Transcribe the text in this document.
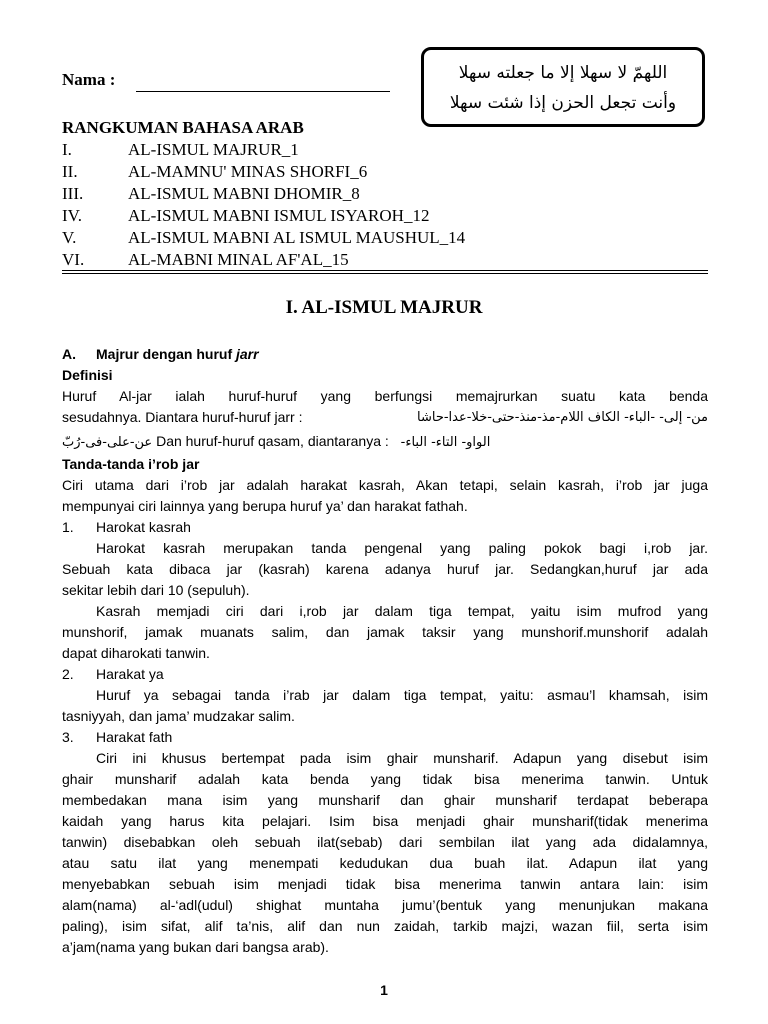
Nama :	اللهمّ لا سهلا إلا ما جعلته سهلا
وأنت تجعل الحزن إذا شئت سهلا
RANGKUMAN BAHASA ARAB
I.	AL-ISMUL MAJRUR_1
II.	AL-MAMNU' MINAS SHORFI_6
III.	AL-ISMUL MABNI DHOMIR_8
IV.	AL-ISMUL MABNI ISMUL ISYAROH_12
V.	AL-ISMUL MABNI AL ISMUL MAUSHUL_14
VI.	AL-MABNI MINAL AF'AL_15
I. AL-ISMUL MAJRUR
A. Majrur dengan huruf jarr
Definisi
Huruf Al-jar ialah huruf-huruf yang berfungsi memajrurkan suatu kata benda
sesudahnya. Diantara huruf-huruf jarr :	من- إلى- -الباء- الكاف اللام-مذ-منذ-حتى-خلا-عدا-حاشا
عن-على-فى-رُبّ Dan huruf-huruf qasam, diantaranya : الواو- التاء- الباء-
Tanda-tanda i’rob jar
Ciri utama dari i’rob jar adalah harakat kasrah, Akan tetapi, selain kasrah, i’rob jar juga
mempunyai ciri lainnya yang berupa huruf ya’ dan harakat fathah.
1. Harokat kasrah
Harokat kasrah merupakan tanda pengenal yang paling pokok bagi i,rob jar.
Sebuah kata dibaca jar (kasrah) karena adanya huruf jar. Sedangkan,huruf jar ada
sekitar lebih dari 10 (sepuluh).
Kasrah memjadi ciri dari i,rob jar dalam tiga tempat, yaitu isim mufrod yang
munshorif, jamak muanats salim, dan jamak taksir yang munshorif.munshorif adalah
dapat diharokati tanwin.
2. Harakat ya
Huruf ya sebagai tanda i’rab jar dalam tiga tempat, yaitu: asmau’l khamsah, isim
tasniyyah, dan jama’ mudzakar salim.
3. Harakat fath
Ciri ini khusus bertempat pada isim ghair munsharif. Adapun yang disebut isim
ghair munsharif adalah kata benda yang tidak bisa menerima tanwin. Untuk
membedakan mana isim yang munsharif dan ghair munsharif terdapat beberapa
kaidah yang harus kita pelajari. Isim bisa menjadi ghair munsharif(tidak menerima
tanwin) disebabkan oleh sebuah ilat(sebab) dari sembilan ilat yang ada didalamnya,
atau satu ilat yang menempati kedudukan dua buah ilat. Adapun ilat yang
menyebabkan sebuah isim menjadi tidak bisa menerima tanwin antara lain: isim
alam(nama) al-‘adl(udul) shighat muntaha jumu’(bentuk yang menunjukan makana
paling), isim sifat, alif ta’nis, alif dan nun zaidah, tarkib majzi, wazan fiil, serta isim
a’jam(nama yang bukan dari bangsa arab).
1
